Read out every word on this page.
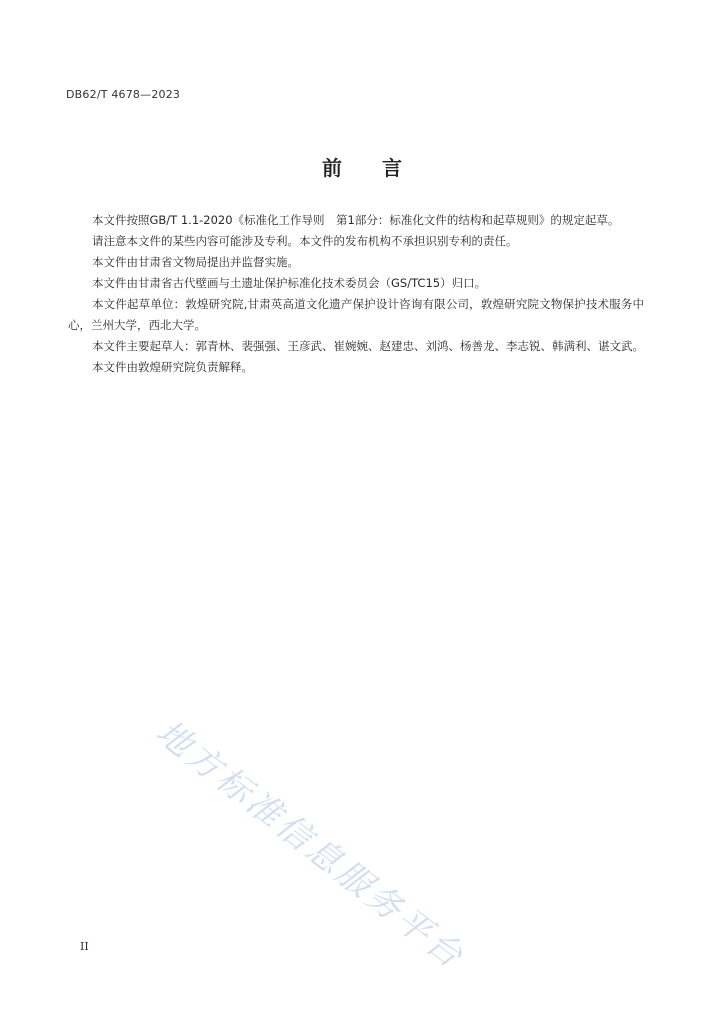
DB62/T 4678—2023
前 言

本文件按照GB/T 1.1-2020《标准化工作导则　第1部分：标准化文件的结构和起草规则》的规定起草。

请注意本文件的某些内容可能涉及专利。本文件的发布机构不承担识别专利的责任。

本文件由甘肃省文物局提出并监督实施。

本文件由甘肃省古代壁画与土遗址保护标准化技术委员会（GS/TC15）归口。

本文件起草单位：敦煌研究院,甘肃英高道文化遗产保护设计咨询有限公司，敦煌研究院文物保护技术服务中心，兰州大学，西北大学。

本文件主要起草人：郭青林、裴强强、王彦武、崔婉婉、赵建忠、刘鸿、杨善龙、李志锐、韩满利、谌文武。

本文件由敦煌研究院负责解释。

地方标准信息服务平台
II
